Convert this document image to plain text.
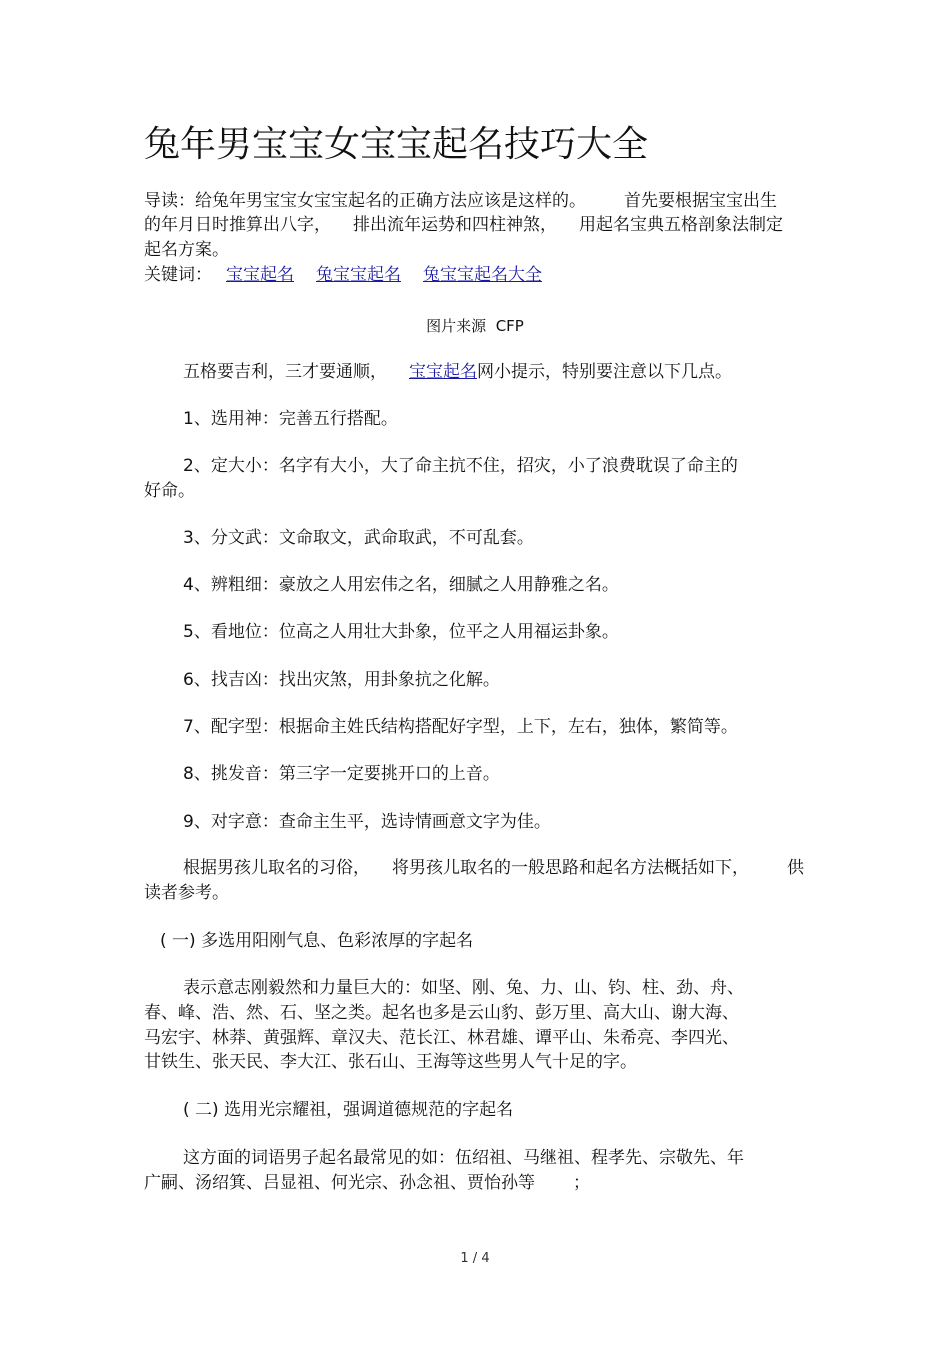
兔年男宝宝女宝宝起名技巧大全
导读：给兔年男宝宝女宝宝起名的正确方法应该是这样的。 首先要根据宝宝出生
的年月日时推算出八字， 排出流年运势和四柱神煞， 用起名宝典五格剖象法制定
起名方案。
关键词： 宝宝起名 兔宝宝起名 兔宝宝起名大全
图片来源  CFP
五格要吉利，三才要通顺， 宝宝起名网小提示，特别要注意以下几点。
1、选用神：完善五行搭配。
2、定大小：名字有大小，大了命主抗不住，招灾，小了浪费耽误了命主的
好命。
3、分文武：文命取文，武命取武，不可乱套。
4、辨粗细：豪放之人用宏伟之名，细腻之人用静雅之名。
5、看地位：位高之人用壮大卦象，位平之人用福运卦象。
6、找吉凶：找出灾煞，用卦象抗之化解。
7、配字型：根据命主姓氏结构搭配好字型，上下，左右，独体，繁简等。
8、挑发音：第三字一定要挑开口的上音。
9、对字意：查命主生平，选诗情画意文字为佳。
根据男孩儿取名的习俗， 将男孩儿取名的一般思路和起名方法概括如下， 供
读者参考。
( 一) 多选用阳刚气息、色彩浓厚的字起名
表示意志刚毅然和力量巨大的：如坚、刚、兔、力、山、钧、柱、劲、舟、
春、峰、浩、然、石、坚之类。起名也多是云山豹、彭万里、高大山、谢大海、
马宏宇、林莽、黄强辉、章汉夫、范长江、林君雄、谭平山、朱希亮、李四光、
甘铁生、张天民、李大江、张石山、王海等这些男人气十足的字。
( 二) 选用光宗耀祖，强调道德规范的字起名
这方面的词语男子起名最常见的如：伍绍祖、马继祖、程孝先、宗敬先、年
广嗣、汤绍箕、吕显祖、何光宗、孙念祖、贾怡孙等 ；
1 / 4
